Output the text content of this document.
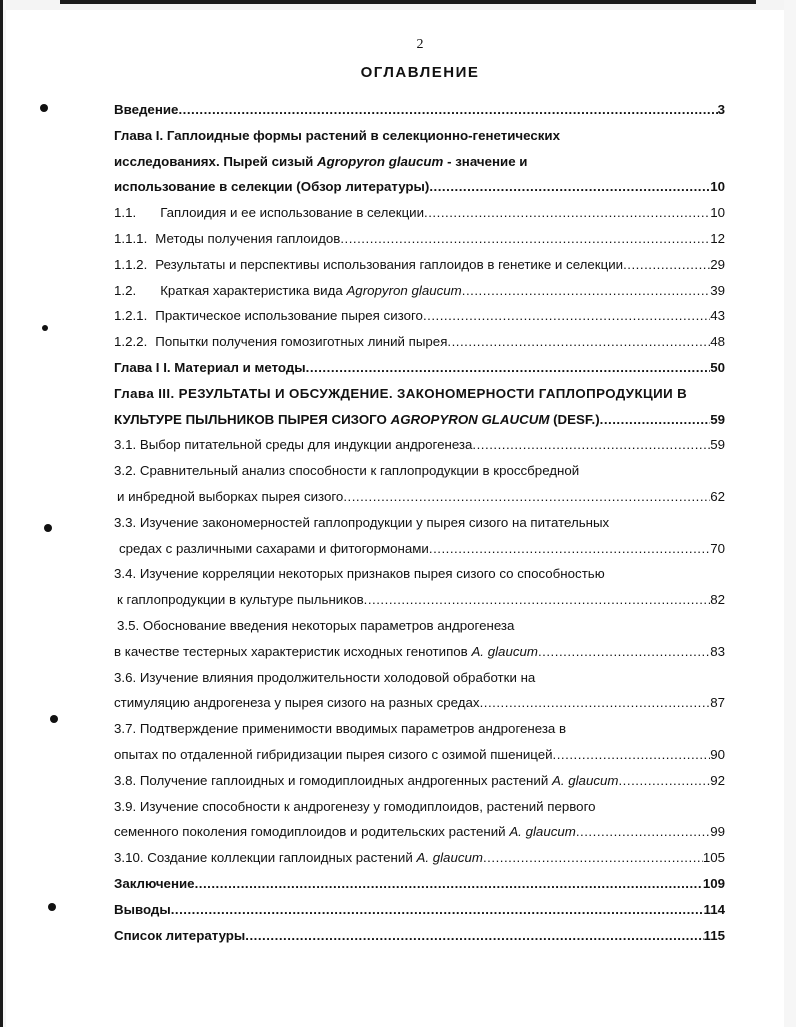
2
ОГЛАВЛЕНИЕ
Введение .....	3
Глава I. Гаплоидные формы растений в селекционно-генетических
исследованиях. Пырей сизый Agropyron glaucum - значение и
использование в селекции (Обзор литературы) .....	10
1.1. Гаплоидия и ее использование в селекции .....	10
1.1.1. Методы получения гаплоидов .....	12
1.1.2. Результаты и перспективы использования гаплоидов в генетике и селекции .....	29
1.2. Краткая характеристика вида Agropyron glaucum .....	39
1.2.1. Практическое использование пырея сизого .....	43
1.2.2. Попытки получения гомозиготных линий пырея .....	48
Глава I I. Материал и методы .....	50
Глава III. РЕЗУЛЬТАТЫ И ОБСУЖДЕНИЕ. ЗАКОНОМЕРНОСТИ ГАПЛОПРОДУКЦИИ В
КУЛЬТУРЕ ПЫЛЬНИКОВ ПЫРЕЯ СИЗОГО AGROPYRON GLAUCUM (DESF.) .....	59
3.1. Выбор питательной среды для индукции андрогенеза .....	59
3.2. Сравнительный анализ способности к гаплопродукции в кроссбредной
и инбредной выборках пырея сизого .....	62
3.3. Изучение закономерностей гаплопродукции у пырея сизого на питательных
средах с различными сахарами и фитогормонами .....	70
3.4. Изучение корреляции некоторых признаков пырея сизого со способностью
к гаплопродукции в культуре пыльников .....	82
3.5. Обоснование введения некоторых параметров андрогенеза
в качестве тестерных характеристик исходных генотипов A. glaucum .....	83
3.6. Изучение влияния продолжительности холодовой обработки на
стимуляцию андрогенеза у пырея сизого на разных средах .....	87
3.7. Подтверждение применимости вводимых параметров андрогенеза в
опытах по отдаленной гибридизации пырея сизого с озимой пшеницей .....	90
3.8. Получение гаплоидных и гомодиплоидных андрогенных растений A. glaucum .....	92
3.9. Изучение способности к андрогенезу у гомодиплоидов, растений первого
семенного поколения гомодиплоидов и родительских растений A. glaucum .....	99
3.10. Создание коллекции гаплоидных растений A. glaucum .....	105
Заключение .....	109
Выводы .....	114
Список литературы .....	115
